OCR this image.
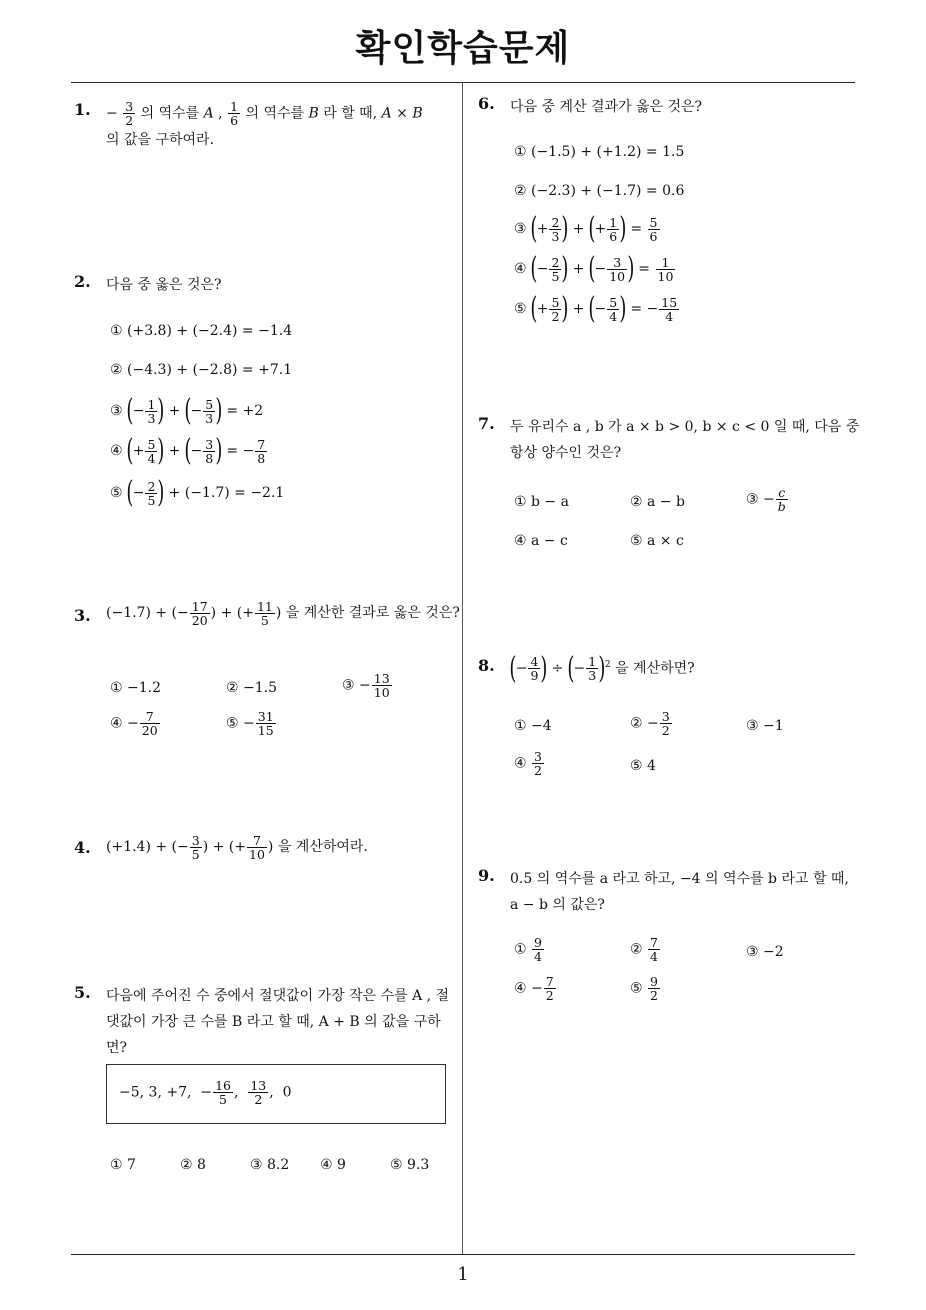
확인학습문제
1
1. − $\frac{3}{2}$ 의 역수를 A , $\frac{1}{6}$ 의 역수를 B 라 할 때, A × B
의 값을 구하여라.
2. 다음 중 옳은 것은?
① (+3.8) + (−2.4) = −1.4
② (−4.3) + (−2.8) = +7.1
③ (− $\frac{1}{3}$ ) + (− $\frac{5}{3}$ ) = +2
④ (+ $\frac{5}{4}$ ) + (− $\frac{3}{8}$ ) = − $\frac{7}{8}$
⑤ (− $\frac{2}{5}$ ) + (−1.7) = −2.1
3. (−1.7) + (− $\frac{17}{20}$ ) + (+ $\frac{11}{5}$ ) 을 계산한 결과로 옳은 것은?
① −1.2	② −1.5	③ − $\frac{13}{10}$
④ − $\frac{7}{20}$	⑤ − $\frac{31}{15}$
4. (+1.4) + (− $\frac{3}{5}$ ) + (+ $\frac{7}{10}$ ) 을 계산하여라.
5. 다음에 주어진 수 중에서 절댓값이 가장 작은 수를 A , 절댓값이 가장 큰 수를 B 라고 할 때, A + B 의 값을 구하면?
① 7	② 8	③ 8.2 ④ 9	⑤ 9.3
−5, 3, +7,  − $\frac{16}{5}$ , $\frac{13}{2}$ ,  0
6. 다음 중 계산 결과가 옳은 것은?
① (−1.5) + (+1.2) = 1.5
② (−2.3) + (−1.7) = 0.6
③ (+ $\frac{2}{3}$ ) + (+ $\frac{1}{6}$ ) = $\frac{5}{6}$
④ (− $\frac{2}{5}$ ) + (− $\frac{3}{10}$ ) = $\frac{1}{10}$
⑤ (+ $\frac{5}{2}$ ) + (− $\frac{5}{4}$ ) = − $\frac{15}{4}$
7. 두 유리수 a , b 가 a × b > 0, b × c < 0 일 때, 다음 중 항상 양수인 것은?
① b − a	② a − b	③ − $\frac{c}{b}$
④ a − c	⑤ a × c
8. (− $\frac{4}{9}$ ) ÷ (− $\frac{1}{3} )^2$ 을 계산하면?
① −4	② − $\frac{3}{2}$	③ −1
④ $\frac{3}{2}$	⑤ 4
9. 0.5 의 역수를 a 라고 하고, −4 의 역수를 b 라고 할 때, a − b 의 값은?
① $\frac{9}{4}$	② $\frac{7}{4}$	③ −2
④ − $\frac{7}{2}$	⑤ $\frac{9}{2}$
